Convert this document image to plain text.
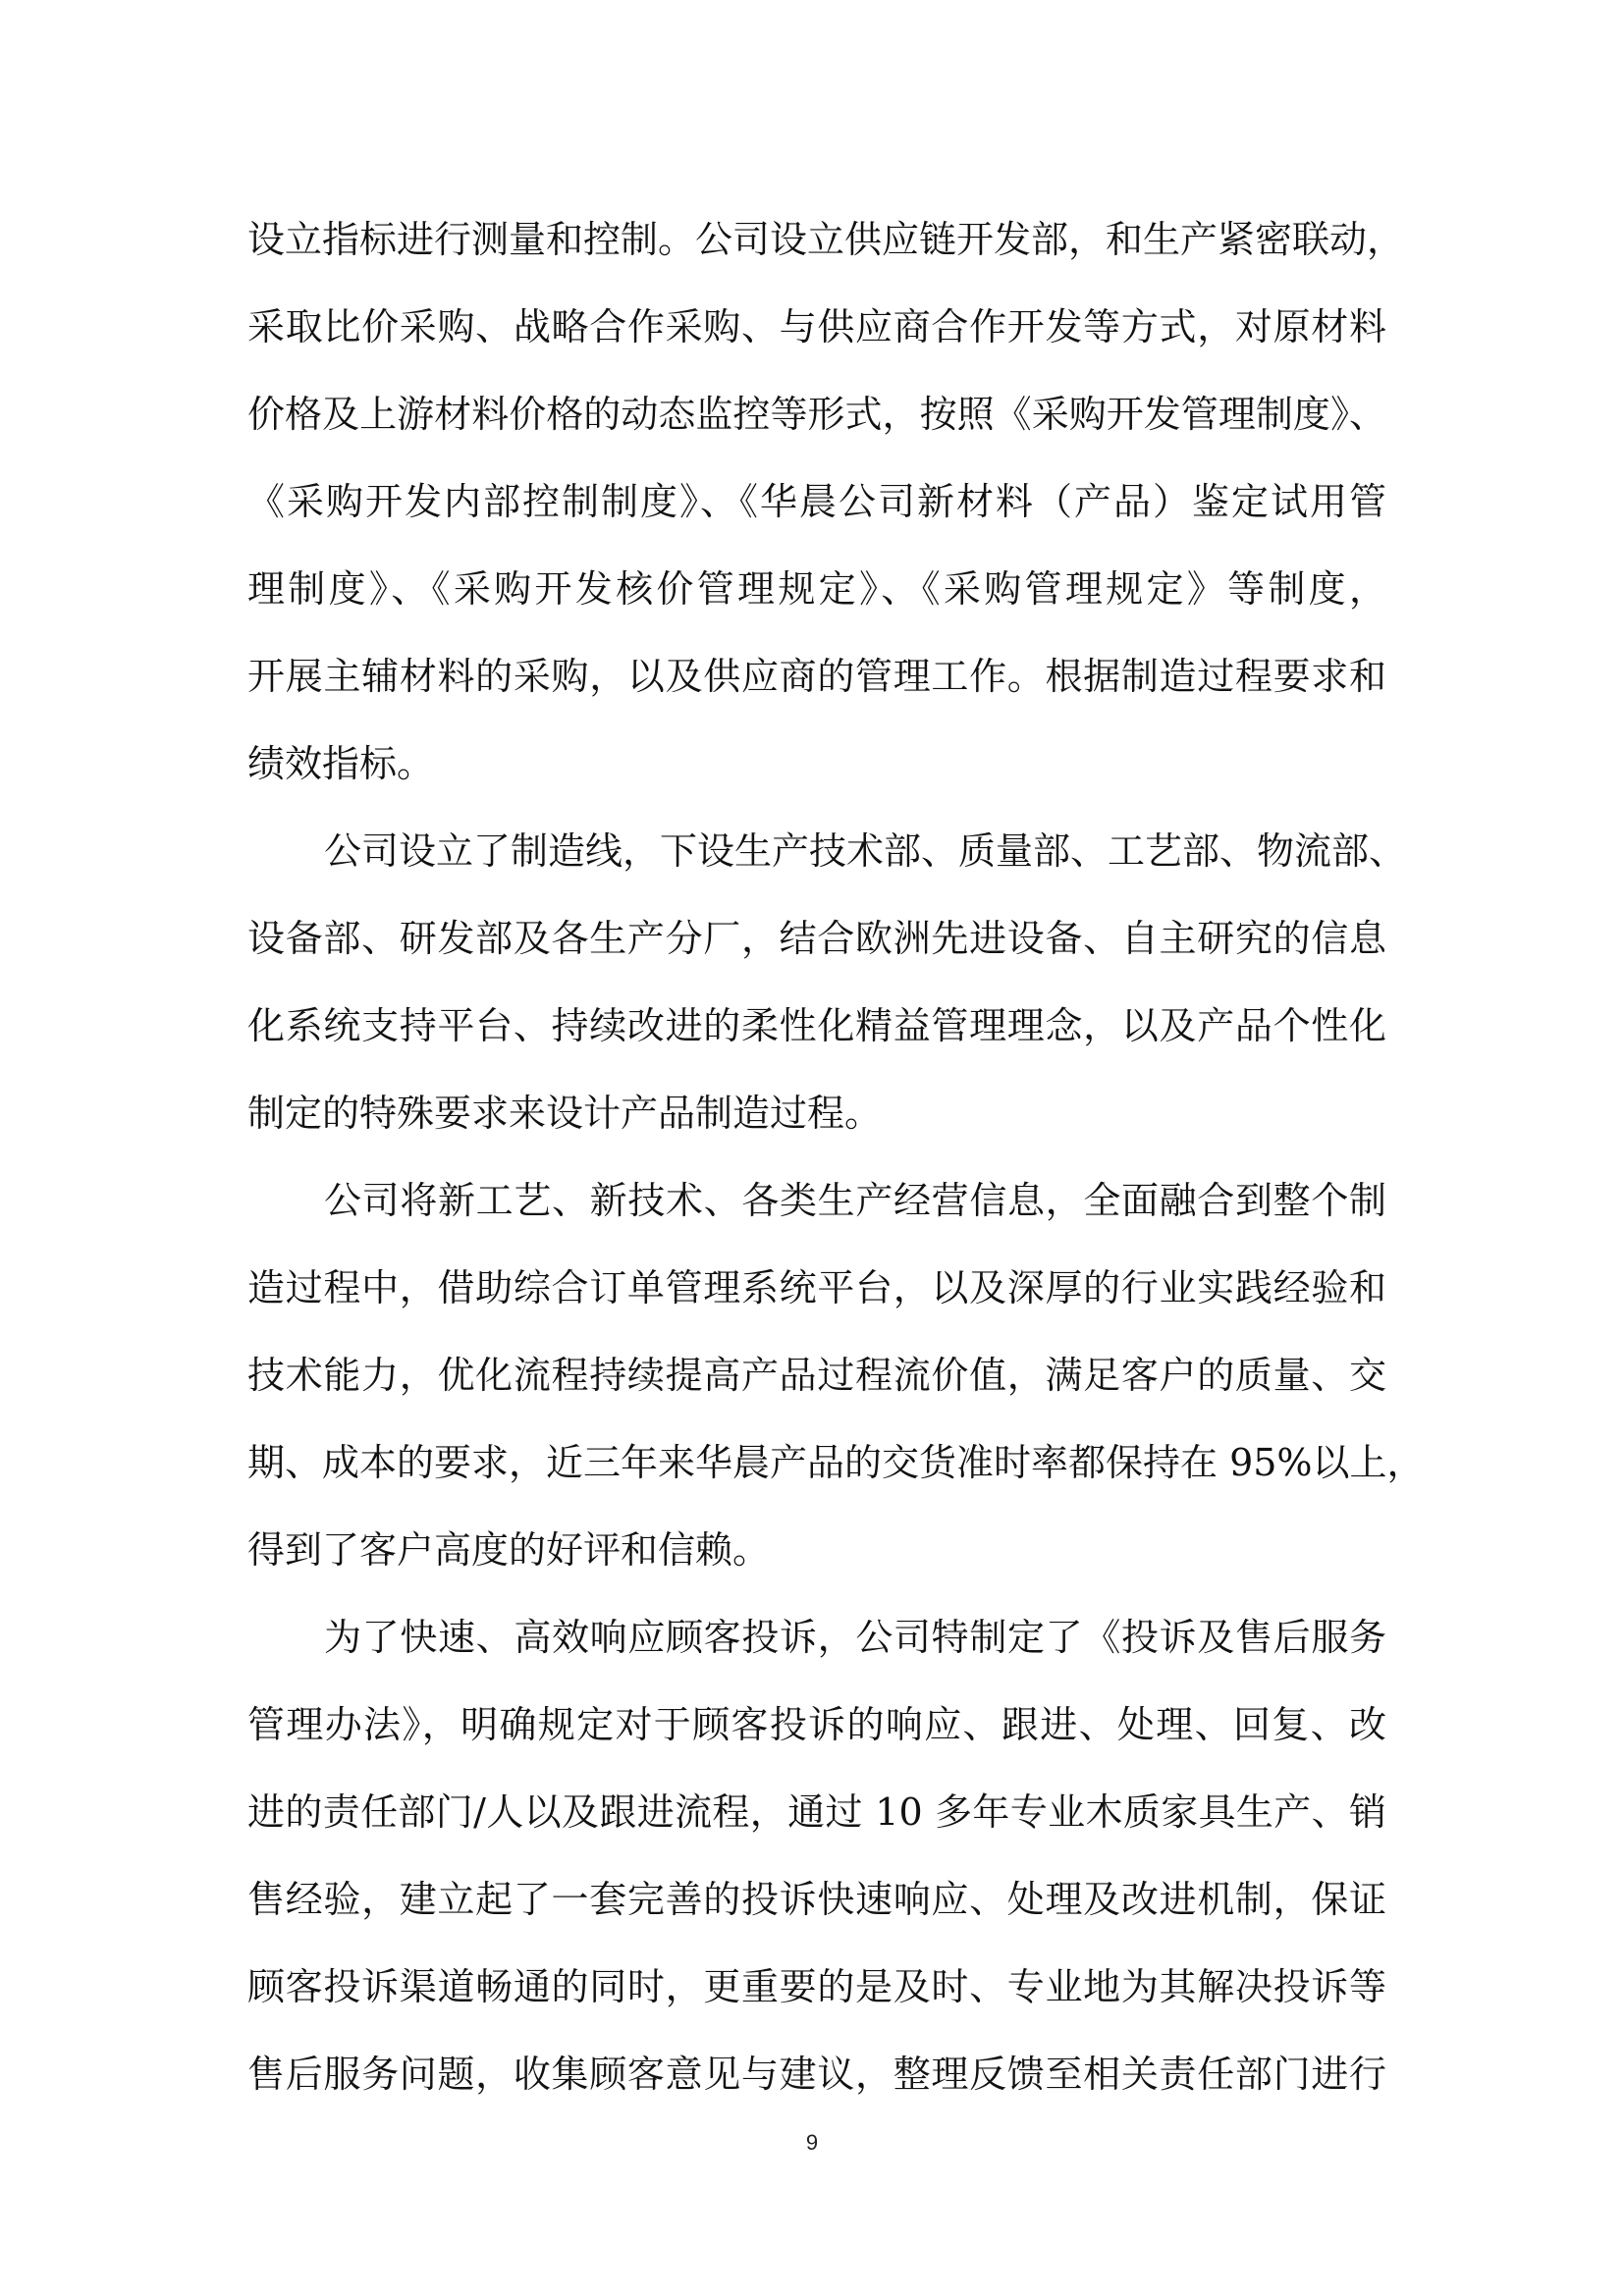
设立指标进行测量和控制。公司设立供应链开发部，和生产紧密联动，
采取比价采购、战略合作采购、与供应商合作开发等方式，对原材料
价格及上游材料价格的动态监控等形式，按照《采购开发管理制度》、
《采购开发内部控制制度》、《华晨公司新材料（产品）鉴定试用管
理制度》、《采购开发核价管理规定》、《采购管理规定》等制度，
开展主辅材料的采购，以及供应商的管理工作。根据制造过程要求和
绩效指标。
公司设立了制造线，下设生产技术部、质量部、工艺部、物流部、
设备部、研发部及各生产分厂，结合欧洲先进设备、自主研究的信息
化系统支持平台、持续改进的柔性化精益管理理念，以及产品个性化
制定的特殊要求来设计产品制造过程。
公司将新工艺、新技术、各类生产经营信息，全面融合到整个制
造过程中，借助综合订单管理系统平台，以及深厚的行业实践经验和
技术能力，优化流程持续提高产品过程流价值，满足客户的质量、交
期、成本的要求，近三年来华晨产品的交货准时率都保持在 95%以上，
得到了客户高度的好评和信赖。
为了快速、高效响应顾客投诉，公司特制定了《投诉及售后服务
管理办法》，明确规定对于顾客投诉的响应、跟进、处理、回复、改
进的责任部门/人以及跟进流程，通过 10 多年专业木质家具生产、销
售经验，建立起了一套完善的投诉快速响应、处理及改进机制，保证
顾客投诉渠道畅通的同时，更重要的是及时、专业地为其解决投诉等
售后服务问题，收集顾客意见与建议，整理反馈至相关责任部门进行
9
